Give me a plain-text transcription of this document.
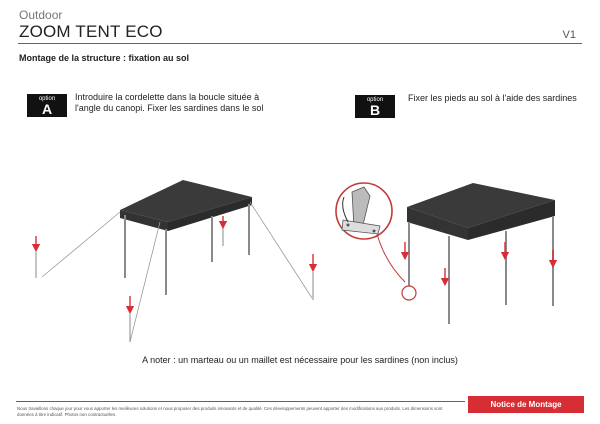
Outdoor
ZOOM TENT ECO	V1
Montage de la structure : fixation au sol
option
A
Introduire la cordelette dans la boucle située à l'angle du canopi. Fixer les sardines dans le sol
option
B
Fixer les pieds au sol à l'aide des sardines
A noter : un marteau ou un maillet est nécessaire pour les sardines (non inclus)
Nous travaillons chaque jour pour vous apporter les meilleures solutions et nous proposer des produits innovants et de qualité. Ces développements peuvent apporter des modifications aux produits. Les dimensions sont données à titre indicatif. Photos non contractuelles.
Notice de Montage
